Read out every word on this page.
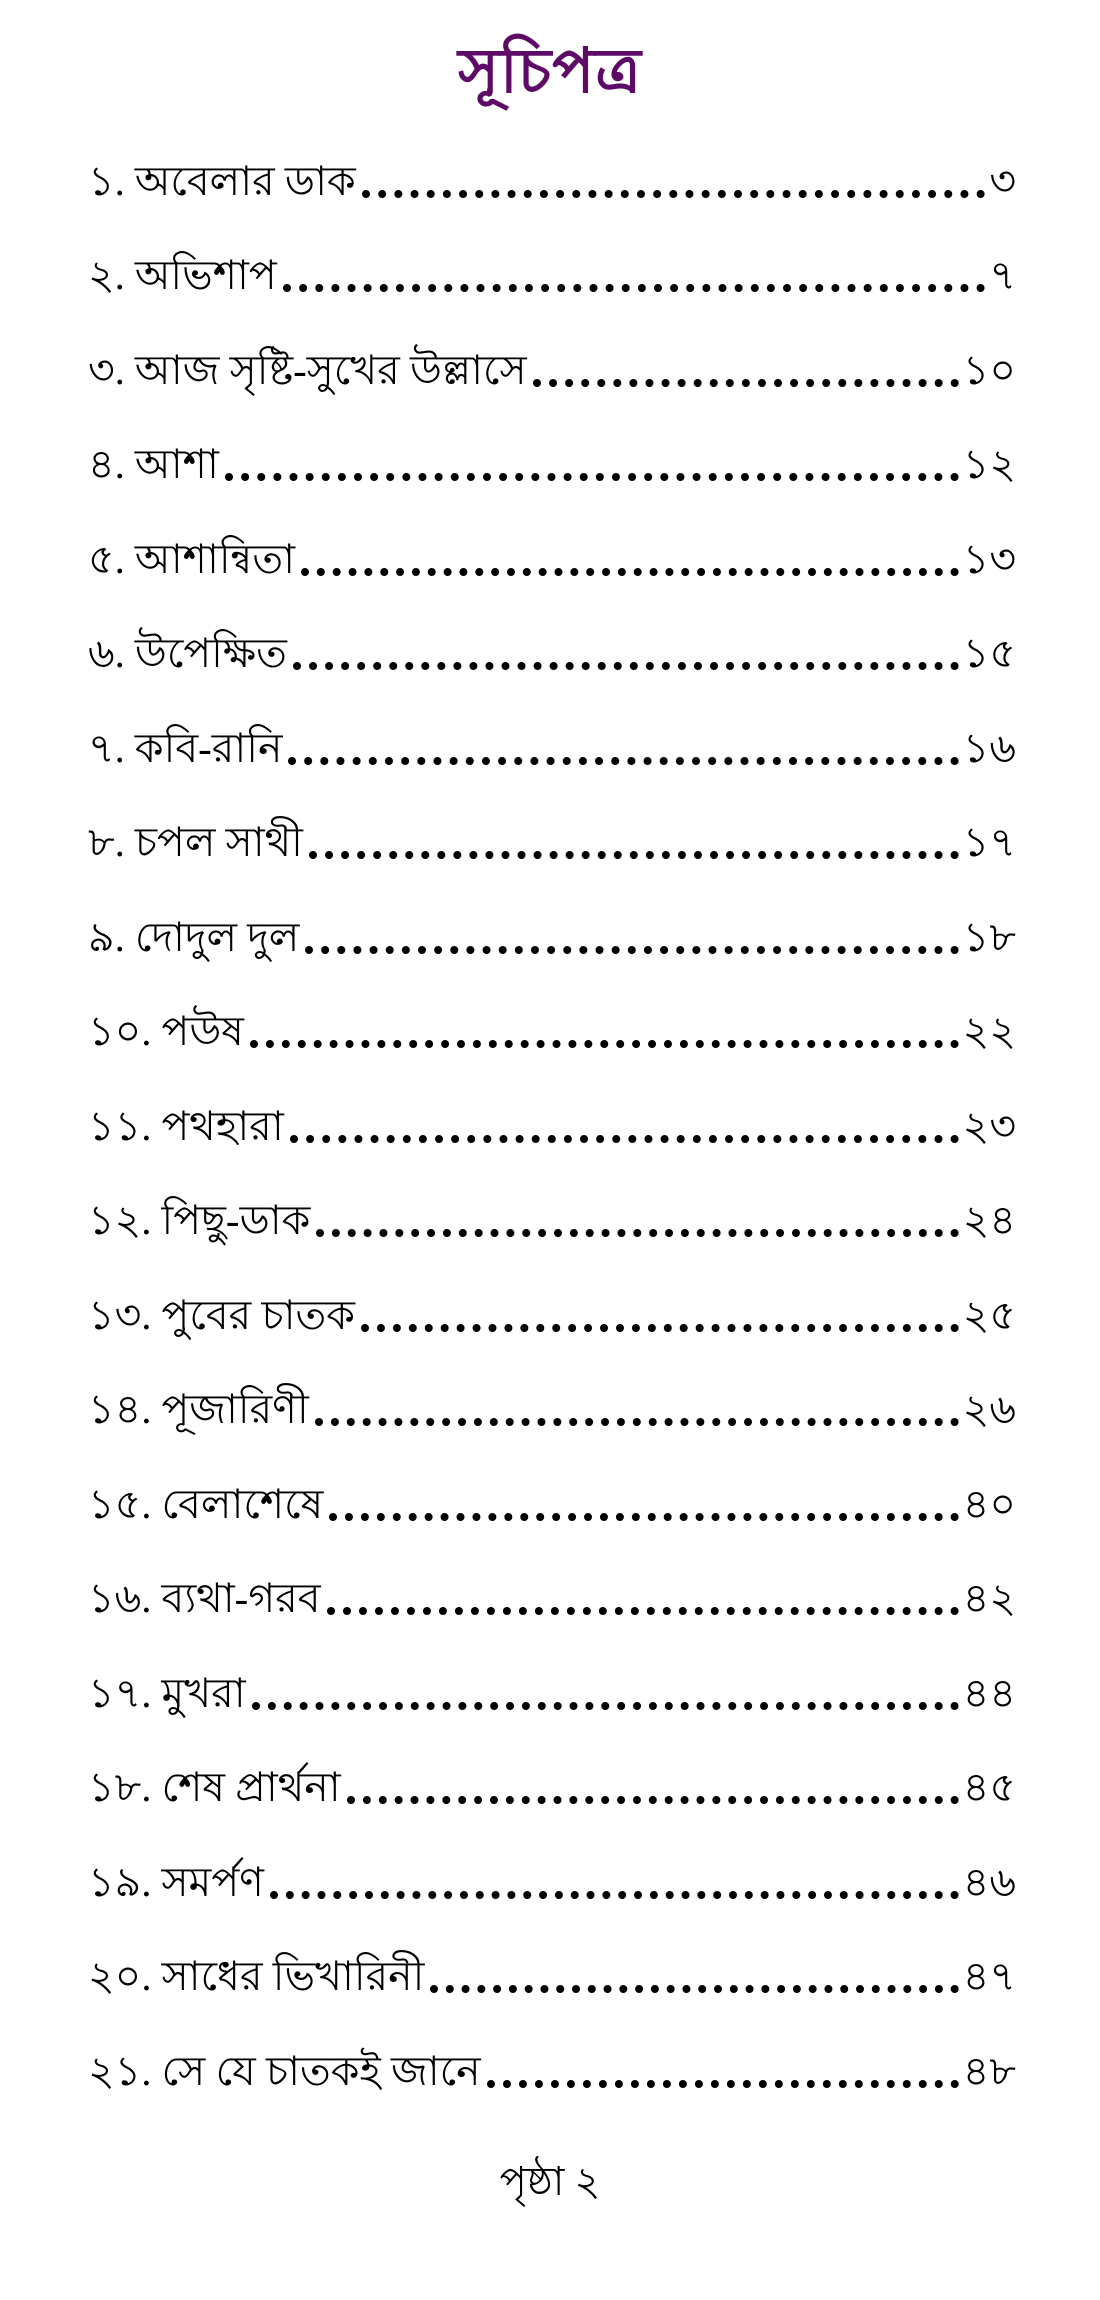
সূচিপত্র
১. অবেলার ডাক	৩
২. অভিশাপ	৭
৩. আজ সৃষ্টি-সুখের উল্লাসে	১০
৪. আশা	১২
৫. আশান্বিতা	১৩
৬. উপেক্ষিত	১৫
৭. কবি-রানি	১৬
৮. চপল সাথী	১৭
৯. দোদুল দুল	১৮
১০. পউষ	২২
১১. পথহারা	২৩
১২. পিছু-ডাক	২৪
১৩. পুবের চাতক	২৫
১৪. পূজারিণী	২৬
১৫. বেলাশেষে	৪০
১৬. ব্যথা-গরব	৪২
১৭. মুখরা	৪৪
১৮. শেষ প্রার্থনা	৪৫
১৯. সমর্পণ	৪৬
২০. সাধের ভিখারিনী	৪৭
২১. সে যে চাতকই জানে	৪৮
পৃষ্ঠা ২
